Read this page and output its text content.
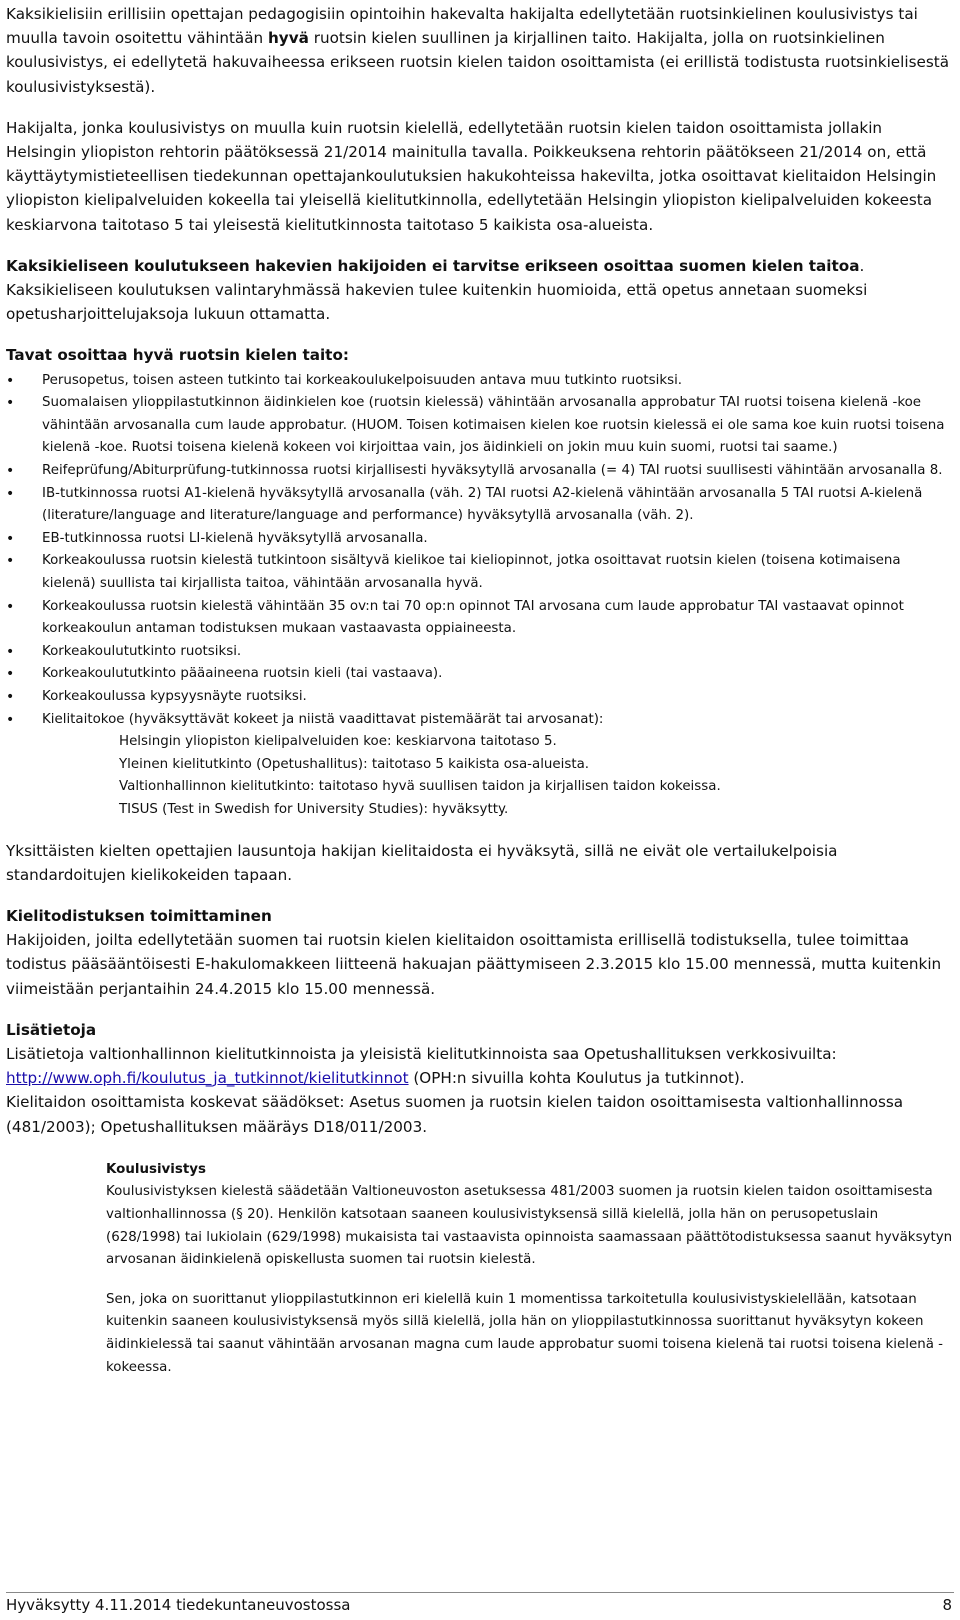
Kaksikielisiin erillisiin opettajan pedagogisiin opintoihin hakevalta hakijalta edellytetään ruotsinkielinen koulusivistys tai muulla tavoin osoitettu vähintään hyvä ruotsin kielen suullinen ja kirjallinen taito. Hakijalta, jolla on ruotsinkielinen koulusivistys, ei edellytetä hakuvaiheessa erikseen ruotsin kielen taidon osoittamista (ei erillistä todistusta ruotsinkielisestä koulusivistyksestä).

Hakijalta, jonka koulusivistys on muulla kuin ruotsin kielellä, edellytetään ruotsin kielen taidon osoittamista jollakin Helsingin yliopiston rehtorin päätöksessä 21/2014 mainitulla tavalla. Poikkeuksena rehtorin päätökseen 21/2014 on, että käyttäytymistieteellisen tiedekunnan opettajankoulutuksien hakukohteissa hakevilta, jotka osoittavat kielitaidon Helsingin yliopiston kielipalveluiden kokeella tai yleisellä kielitutkinnolla, edellytetään Helsingin yliopiston kielipalveluiden kokeesta keskiarvona taitotaso 5 tai yleisestä kielitutkinnosta taitotaso 5 kaikista osa-alueista.

Kaksikieliseen koulutukseen hakevien hakijoiden ei tarvitse erikseen osoittaa suomen kielen taitoa. Kaksikieliseen koulutuksen valintaryhmässä hakevien tulee kuitenkin huomioida, että opetus annetaan suomeksi opetusharjoittelujaksoja lukuun ottamatta.

Tavat osoittaa hyvä ruotsin kielen taito:

• Perusopetus, toisen asteen tutkinto tai korkeakoulukelpoisuuden antava muu tutkinto ruotsiksi.
• Suomalaisen ylioppilastutkinnon äidinkielen koe (ruotsin kielessä) vähintään arvosanalla approbatur TAI ruotsi toisena kielenä -koe vähintään arvosanalla cum laude approbatur. (HUOM. Toisen kotimaisen kielen koe ruotsin kielessä ei ole sama koe kuin ruotsi toisena kielenä -koe. Ruotsi toisena kielenä kokeen voi kirjoittaa vain, jos äidinkieli on jokin muu kuin suomi, ruotsi tai saame.)
• Reifeprüfung/Abiturprüfung-tutkinnossa ruotsi kirjallisesti hyväksytyllä arvosanalla (= 4) TAI ruotsi suullisesti vähintään arvosanalla 8.
• IB-tutkinnossa ruotsi A1-kielenä hyväksytyllä arvosanalla (väh. 2) TAI ruotsi A2-kielenä vähintään arvosanalla 5 TAI ruotsi A-kielenä (literature/language and literature/language and performance) hyväksytyllä arvosanalla (väh. 2).
• EB-tutkinnossa ruotsi LI-kielenä hyväksytyllä arvosanalla.
• Korkeakoulussa ruotsin kielestä tutkintoon sisältyvä kielikoe tai kieliopinnot, jotka osoittavat ruotsin kielen (toisena kotimaisena kielenä) suullista tai kirjallista taitoa, vähintään arvosanalla hyvä.
• Korkeakoulussa ruotsin kielestä vähintään 35 ov:n tai 70 op:n opinnot TAI arvosana cum laude approbatur TAI vastaavat opinnot korkeakoulun antaman todistuksen mukaan vastaavasta oppiaineesta.
• Korkeakoulututkinto ruotsiksi.
• Korkeakoulututkinto pääaineena ruotsin kieli (tai vastaava).
• Korkeakoulussa kypsyysnäyte ruotsiksi.
• Kielitaitokoe (hyväksyttävät kokeet ja niistä vaadittavat pistemäärät tai arvosanat):
Helsingin yliopiston kielipalveluiden koe: keskiarvona taitotaso 5.
Yleinen kielitutkinto (Opetushallitus): taitotaso 5 kaikista osa-alueista.
Valtionhallinnon kielitutkinto: taitotaso hyvä suullisen taidon ja kirjallisen taidon kokeissa.
TISUS (Test in Swedish for University Studies): hyväksytty.

Yksittäisten kielten opettajien lausuntoja hakijan kielitaidosta ei hyväksytä, sillä ne eivät ole vertailukelpoisia standardoitujen kielikokeiden tapaan.

Kielitodistuksen toimittaminen

Hakijoiden, joilta edellytetään suomen tai ruotsin kielen kielitaidon osoittamista erillisellä todistuksella, tulee toimittaa todistus pääsääntöisesti E-hakulomakkeen liitteenä hakuajan päättymiseen 2.3.2015 klo 15.00 mennessä, mutta kuitenkin viimeistään perjantaihin 24.4.2015 klo 15.00 mennessä.

Lisätietoja

Lisätietoja valtionhallinnon kielitutkinnoista ja yleisistä kielitutkinnoista saa Opetushallituksen verkkosivuilta:

http://www.oph.fi/koulutus_ja_tutkinnot/kielitutkinnot (OPH:n sivuilla kohta Koulutus ja tutkinnot).

Kielitaidon osoittamista koskevat säädökset: Asetus suomen ja ruotsin kielen taidon osoittamisesta valtionhallinnossa (481/2003); Opetushallituksen määräys D18/011/2003.

Koulusivistys

Koulusivistyksen kielestä säädetään Valtioneuvoston asetuksessa 481/2003 suomen ja ruotsin kielen taidon osoittamisesta valtionhallinnossa (§ 20). Henkilön katsotaan saaneen koulusivistyksensä sillä kielellä, jolla hän on perusopetuslain (628/1998) tai lukiolain (629/1998) mukaisista tai vastaavista opinnoista saamassaan päättötodistuksessa saanut hyväksytyn arvosanan äidinkielenä opiskellusta suomen tai ruotsin kielestä.

Sen, joka on suorittanut ylioppilastutkinnon eri kielellä kuin 1 momentissa tarkoitetulla koulusivistyskielellään, katsotaan kuitenkin saaneen koulusivistyksensä myös sillä kielellä, jolla hän on ylioppilastutkinnossa suorittanut hyväksytyn kokeen äidinkielessä tai saanut vähintään arvosanan magna cum laude approbatur suomi toisena kielenä tai ruotsi toisena kielenä -kokeessa.

Hyväksytty 4.11.2014 tiedekuntaneuvostossa	8
